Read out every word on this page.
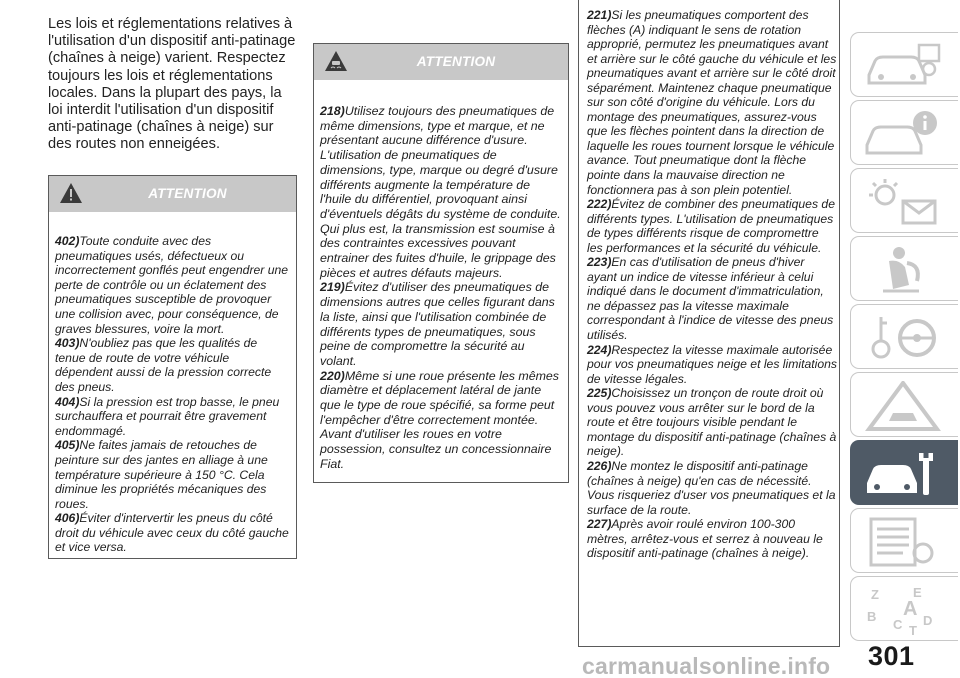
Les lois et réglementations relatives à l'utilisation d'un dispositif anti-patinage (chaînes à neige) varient. Respectez toujours les lois et réglementations locales. Dans la plupart des pays, la loi interdit l'utilisation d'un dispositif anti-patinage (chaînes à neige) sur des routes non enneigées.
ATTENTION

402)Toute conduite avec des pneumatiques usés, défectueux ou incorrectement gonflés peut engendrer une perte de contrôle ou un éclatement des pneumatiques susceptible de provoquer une collision avec, pour conséquence, de graves blessures, voire la mort.

403)N'oubliez pas que les qualités de tenue de route de votre véhicule dépendent aussi de la pression correcte des pneus.

404)Si la pression est trop basse, le pneu surchauffera et pourrait être gravement endommagé.

405)Ne faites jamais de retouches de peinture sur des jantes en alliage à une température supérieure à 150 °C. Cela diminue les propriétés mécaniques des roues.

406)Éviter d'intervertir les pneus du côté droit du véhicule avec ceux du côté gauche et vice versa.

ATTENTION

218)Utilisez toujours des pneumatiques de même dimensions, type et marque, et ne présentant aucune différence d'usure. L'utilisation de pneumatiques de dimensions, type, marque ou degré d'usure différents augmente la température de l'huile du différentiel, provoquant ainsi d'éventuels dégâts du système de conduite. Qui plus est, la transmission est soumise à des contraintes excessives pouvant entrainer des fuites d'huile, le grippage des pièces et autres défauts majeurs.

219)Évitez d'utiliser des pneumatiques de dimensions autres que celles figurant dans la liste, ainsi que l'utilisation combinée de différents types de pneumatiques, sous peine de compromettre la sécurité au volant.

220)Même si une roue présente les mêmes diamètre et déplacement latéral de jante que le type de roue spécifié, sa forme peut l'empêcher d'être correctement montée. Avant d'utiliser les roues en votre possession, consultez un concessionnaire Fiat.

221)Si les pneumatiques comportent des flèches (A) indiquant le sens de rotation approprié, permutez les pneumatiques avant et arrière sur le côté gauche du véhicule et les pneumatiques avant et arrière sur le côté droit séparément. Maintenez chaque pneumatique sur son côté d'origine du véhicule. Lors du montage des pneumatiques, assurez-vous que les flèches pointent dans la direction de laquelle les roues tournent lorsque le véhicule avance. Tout pneumatique dont la flèche pointe dans la mauvaise direction ne fonctionnera pas à son plein potentiel.

222)Évitez de combiner des pneumatiques de différents types. L'utilisation de pneumatiques de types différents risque de compromettre les performances et la sécurité du véhicule.

223)En cas d'utilisation de pneus d'hiver ayant un indice de vitesse inférieur à celui indiqué dans le document d'immatriculation, ne dépassez pas la vitesse maximale correspondant à l'indice de vitesse des pneus utilisés.

224)Respectez la vitesse maximale autorisée pour vos pneumatiques neige et les limitations de vitesse légales.

225)Choisissez un tronçon de route droit où vous pouvez vous arrêter sur le bord de la route et être toujours visible pendant le montage du dispositif anti-patinage (chaînes à neige).

226)Ne montez le dispositif anti-patinage (chaînes à neige) qu'en cas de nécessité. Vous risqueriez d'user vos pneumatiques et la surface de la route.

227)Après avoir roulé environ 100-300 mètres, arrêtez-vous et serrez à nouveau le dispositif anti-patinage (chaînes à neige).

Z	E
B
C
A
D
T
301
carmanualsonline.info
